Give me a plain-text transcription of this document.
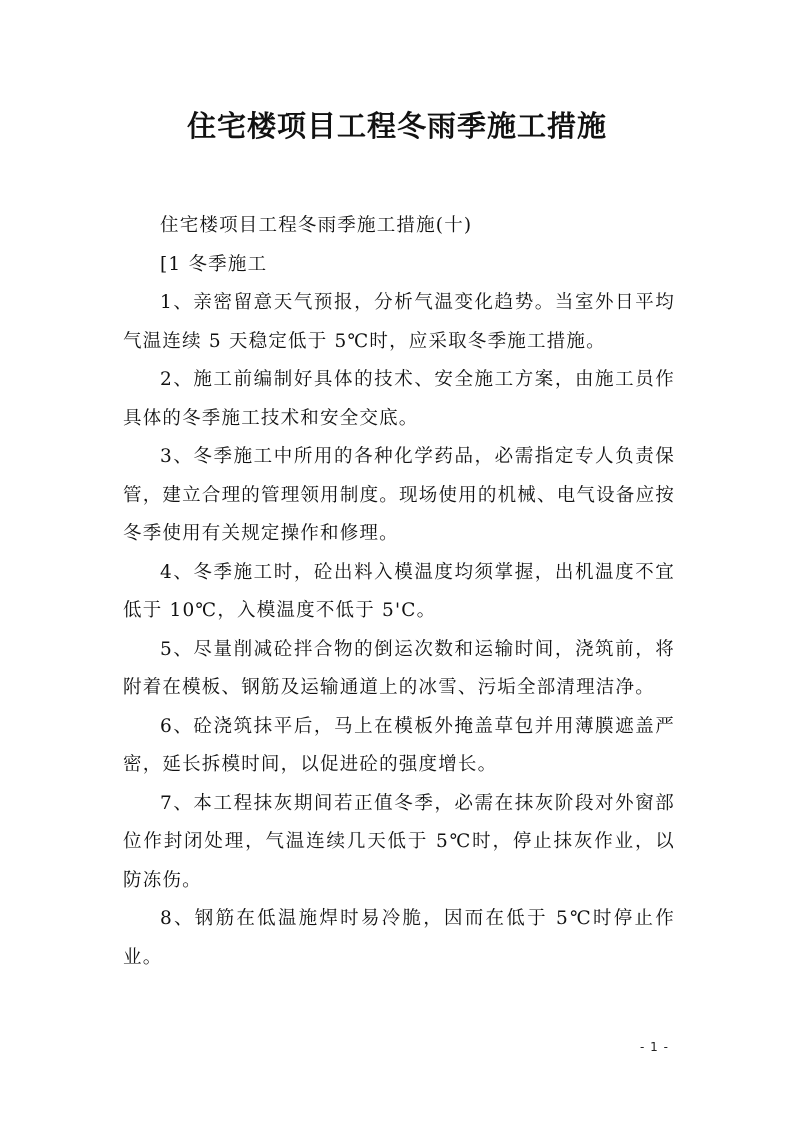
住宅楼项目工程冬雨季施工措施

住宅楼项目工程冬雨季施工措施(十)

[1 冬季施工

1、亲密留意天气预报，分析气温变化趋势。当室外日平均气温连续 5 天稳定低于 5℃时，应采取冬季施工措施。

2、施工前编制好具体的技术、安全施工方案，由施工员作具体的冬季施工技术和安全交底。

3、冬季施工中所用的各种化学药品，必需指定专人负责保管，建立合理的管理领用制度。现场使用的机械、电气设备应按冬季使用有关规定操作和修理。

4、冬季施工时，砼出料入模温度均须掌握，出机温度不宜低于 10℃，入模温度不低于 5'C。

5、尽量削减砼拌合物的倒运次数和运输时间，浇筑前，将附着在模板、钢筋及运输通道上的冰雪、污垢全部清理洁净。

6、砼浇筑抹平后，马上在模板外掩盖草包并用薄膜遮盖严密，延长拆模时间，以促进砼的强度增长。

7、本工程抹灰期间若正值冬季，必需在抹灰阶段对外窗部位作封闭处理，气温连续几天低于 5℃时，停止抹灰作业，以防冻伤。

8、钢筋在低温施焊时易冷脆，因而在低于 5℃时停止作业。

- 1 -
